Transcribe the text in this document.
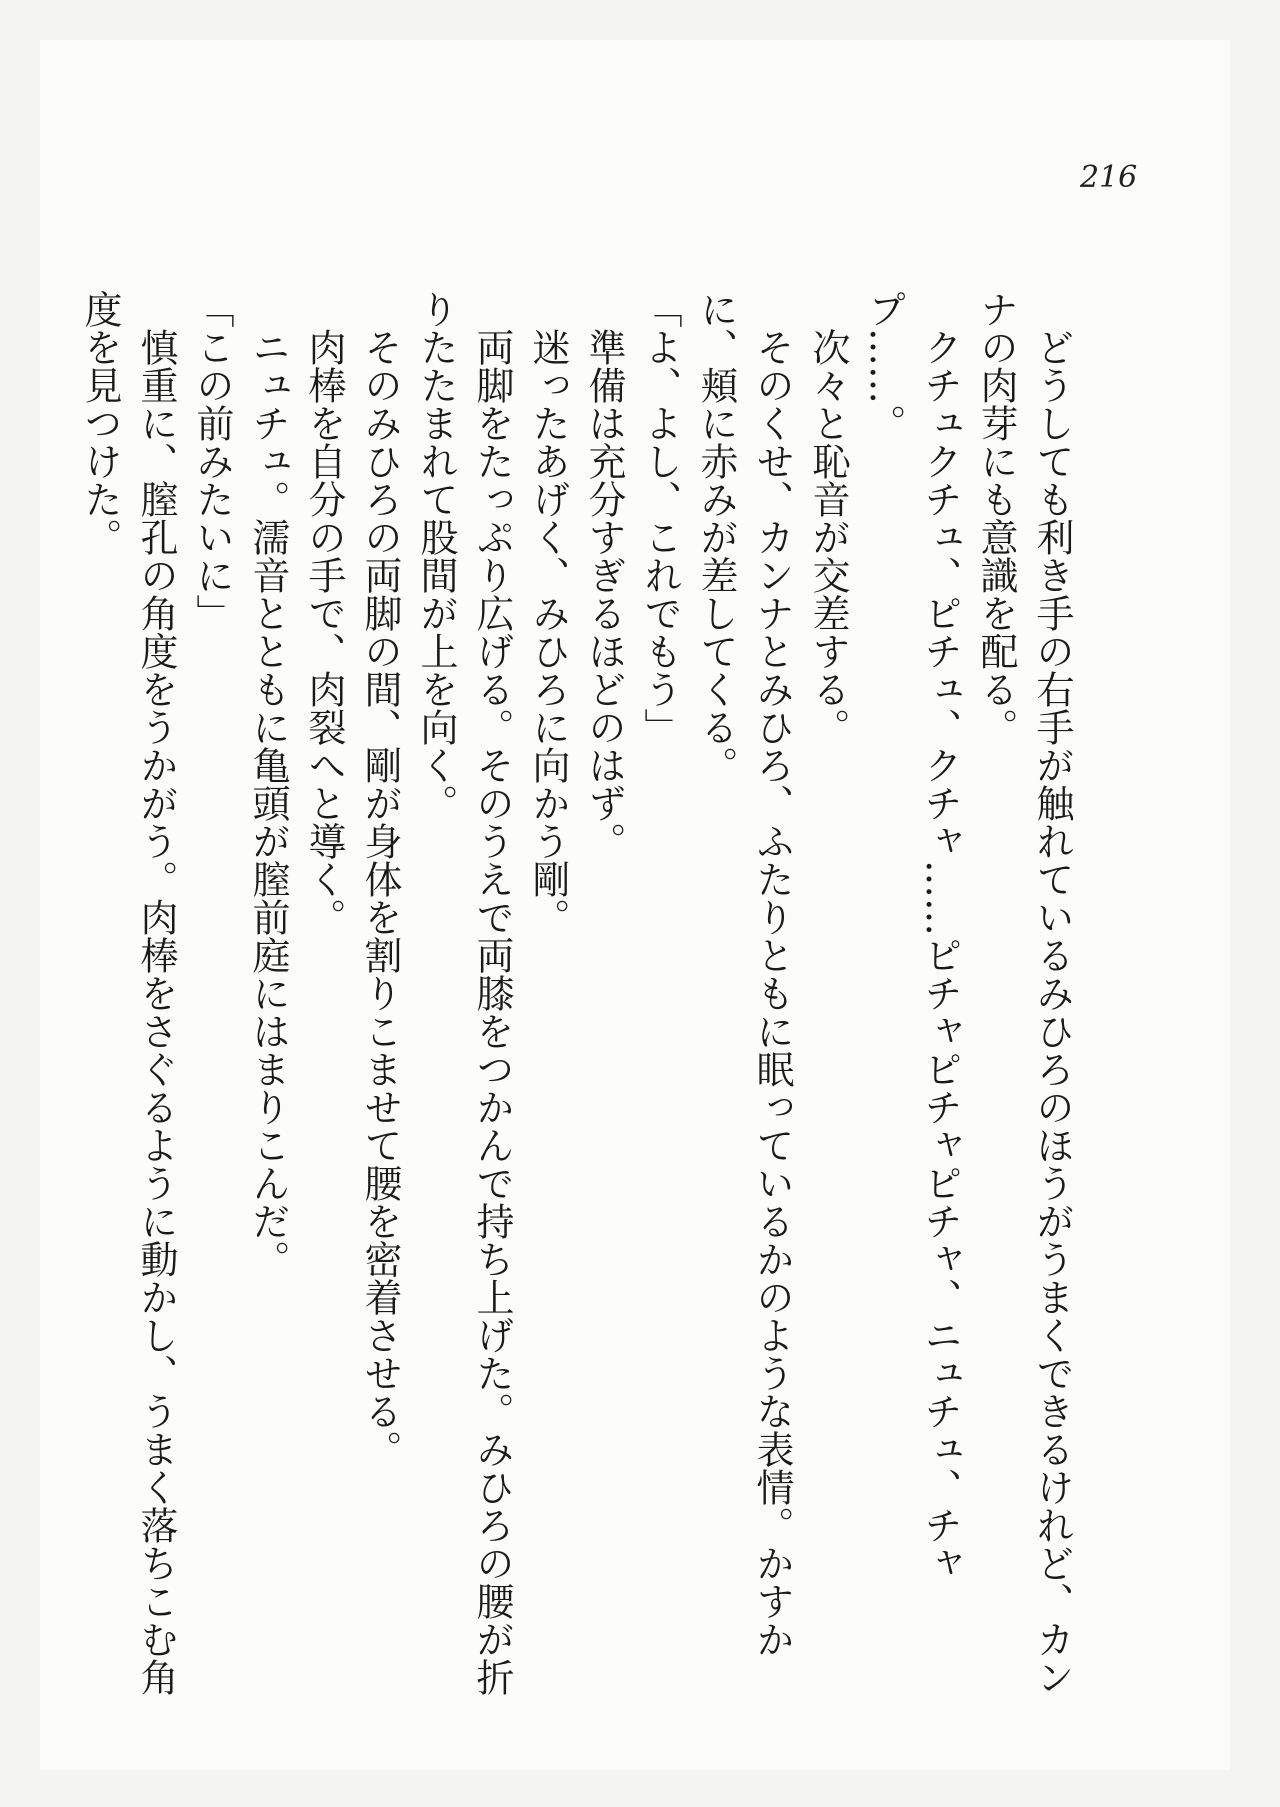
216

　どうしても利き手の右手が触れているみひろのほうがうまくできるけれど、カンナの肉芽にも意識を配る。

　クチュクチュ、ピチュ、クチャ……ピチャピチャピチャ、ニュチュ、チャプ……。

　次々と恥音が交差する。

　そのくせ、カンナとみひろ、ふたりともに眠っているかのような表情。かすかに、頬に赤みが差してくる。

「よ、よし、これでもう」

　準備は充分すぎるほどのはず。

　迷ったあげく、みひろに向かう剛。

　両脚をたっぷり広げる。そのうえで両膝をつかんで持ち上げた。みひろの腰が折りたたまれて股間が上を向く。

　そのみひろの両脚の間、剛が身体を割りこませて腰を密着させる。

　肉棒を自分の手で、肉裂へと導く。

　ニュチュ。濡音とともに亀頭が膣前庭にはまりこんだ。

「この前みたいに」

　慎重に、膣孔の角度をうかがう。肉棒をさぐるように動かし、うまく落ちこむ角度を見つけた。
